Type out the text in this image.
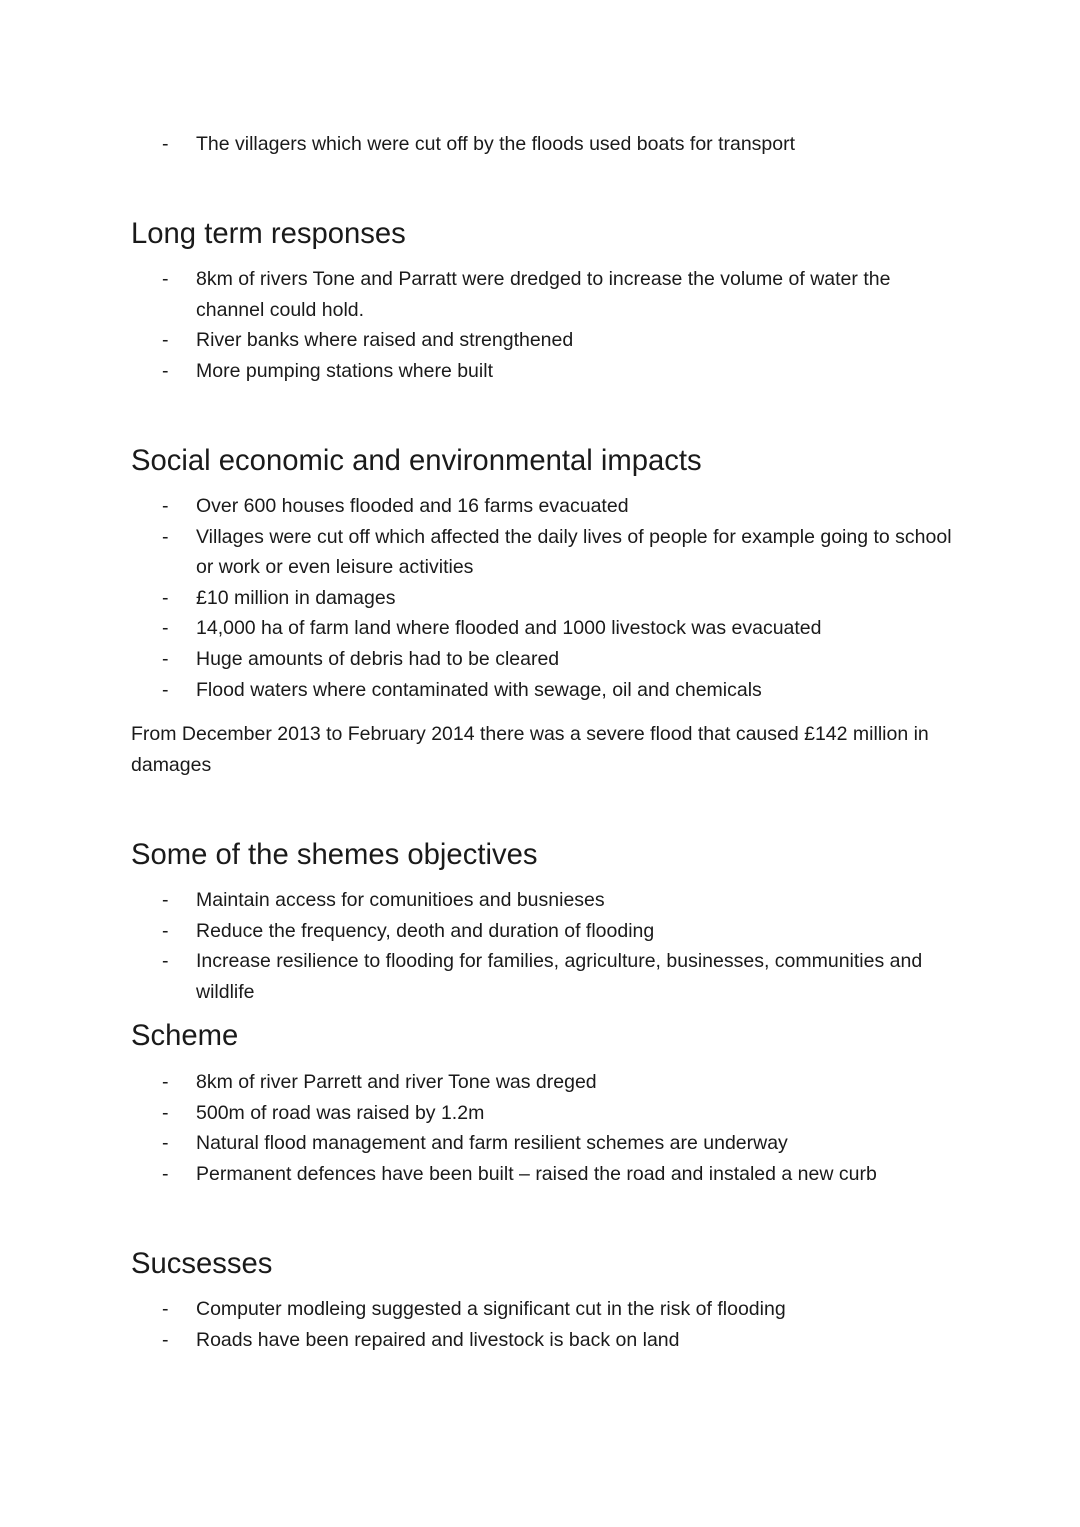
- The villagers which were cut off by the floods used boats for transport
Long term responses
- 8km of rivers Tone and Parratt were dredged to increase the volume of water the channel could hold.
- River banks where raised and strengthened
- More pumping stations where built
Social economic and environmental impacts
- Over 600 houses flooded and 16 farms evacuated
- Villages were cut off which affected the daily lives of people for example going to school or work or even leisure activities
- £10 million in damages
- 14,000 ha of farm land where flooded and 1000 livestock was evacuated
- Huge amounts of debris had to be cleared
- Flood waters where contaminated with sewage, oil and chemicals

From December 2013 to February 2014 there was a severe flood that caused £142 million in damages

Some of the shemes objectives
- Maintain access for comunitioes and busnieses
- Reduce the frequency, deoth and duration of flooding
- Increase resilience to flooding for families, agriculture, businesses, communities and wildlife
Scheme
- 8km of river Parrett and river Tone was dreged
- 500m of road was raised by 1.2m
- Natural flood management and farm resilient schemes are underway
- Permanent defences have been built – raised the road and instaled a new curb
Sucsesses
- Computer modleing suggested a significant cut in the risk of flooding
- Roads have been repaired and livestock is back on land
